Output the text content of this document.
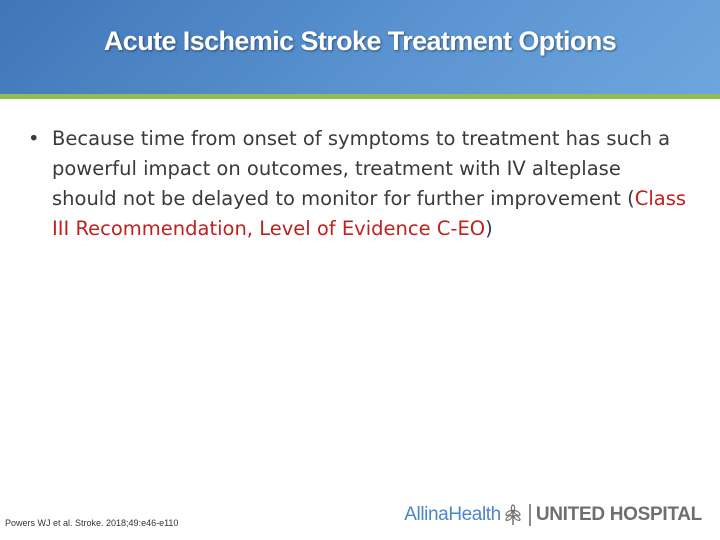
Acute Ischemic Stroke Treatment Options
• Because time from onset of symptoms to treatment has such a powerful impact on outcomes, treatment with IV alteplase should not be delayed to monitor for further improvement (Class III Recommendation, Level of Evidence C-EO)
Powers WJ et al. Stroke. 2018;49:e46-e110	AllinaHealth UNITED HOSPITAL
